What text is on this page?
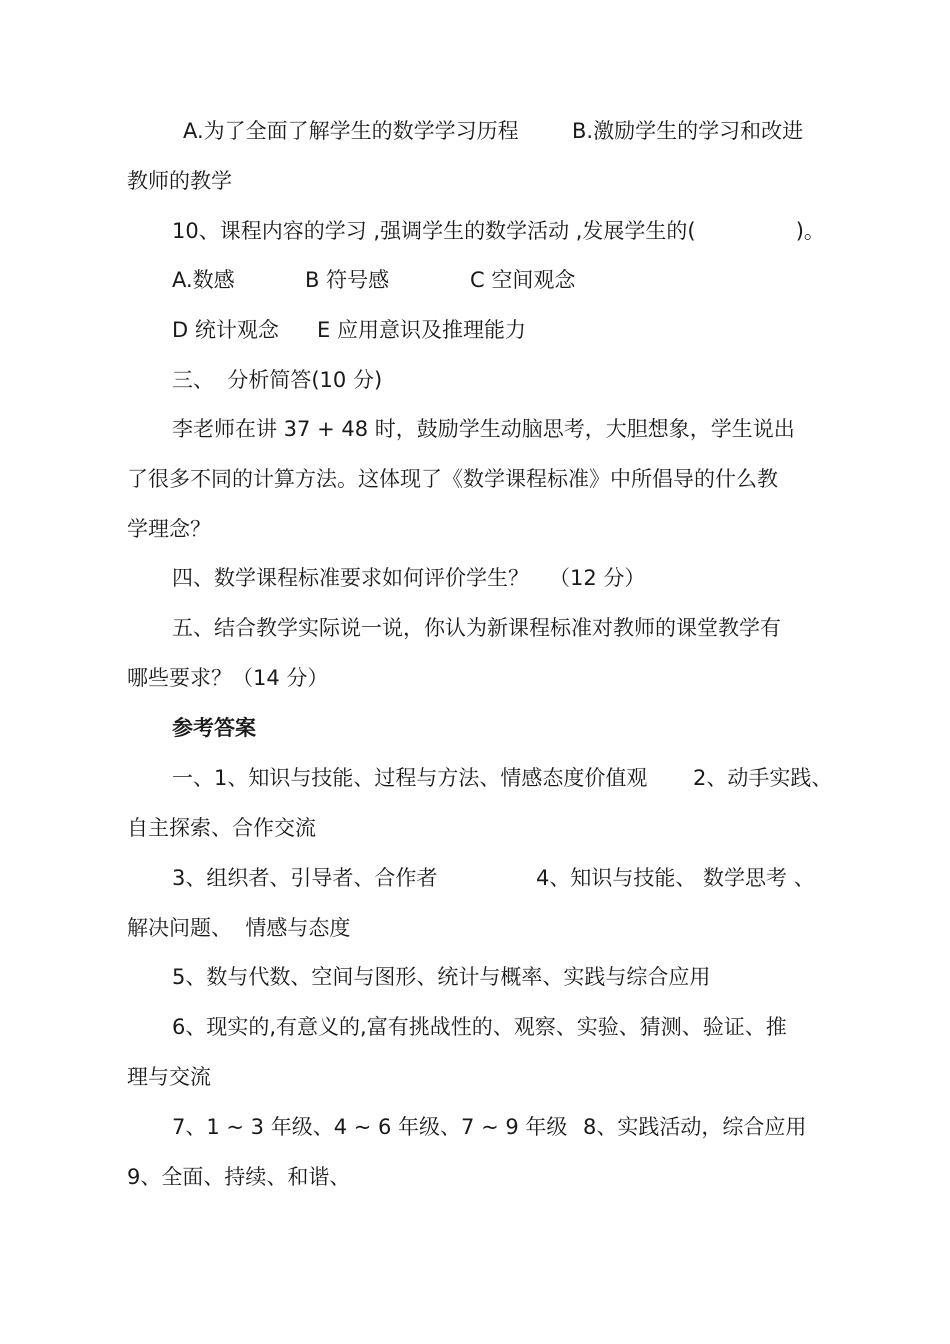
A.为了全面了解学生的数学学习历程	B.激励学生的学习和改进
教师的教学
10、课程内容的学习 ,强调学生的数学活动 ,发展学生的(               )。
A.数感	B 符号感	C 空间观念
D 统计观念 E 应用意识及推理能力
三、  分析简答(10 分)
李老师在讲 37 + 48 时，鼓励学生动脑思考，大胆想象，学生说出
了很多不同的计算方法。这体现了《数学课程标准》中所倡导的什么教
学理念？
四、数学课程标准要求如何评价学生？   （12 分）
五、结合教学实际说一说，你认为新课程标准对教师的课堂教学有
哪些要求？（14 分）
参考答案
一、1、知识与技能、过程与方法、情感态度价值观 2、动手实践、
自主探索、合作交流
3、组织者、引导者、合作者	4、知识与技能、 数学思考 、
解决问题、  情感与态度
5、数与代数、空间与图形、统计与概率、实践与综合应用
6、现实的,有意义的,富有挑战性的、观察、实验、猜测、验证、推
理与交流
7、1 ~ 3 年级、4 ~ 6 年级、7 ~ 9 年级 8、实践活动，综合应用
9、全面、持续、和谐、
